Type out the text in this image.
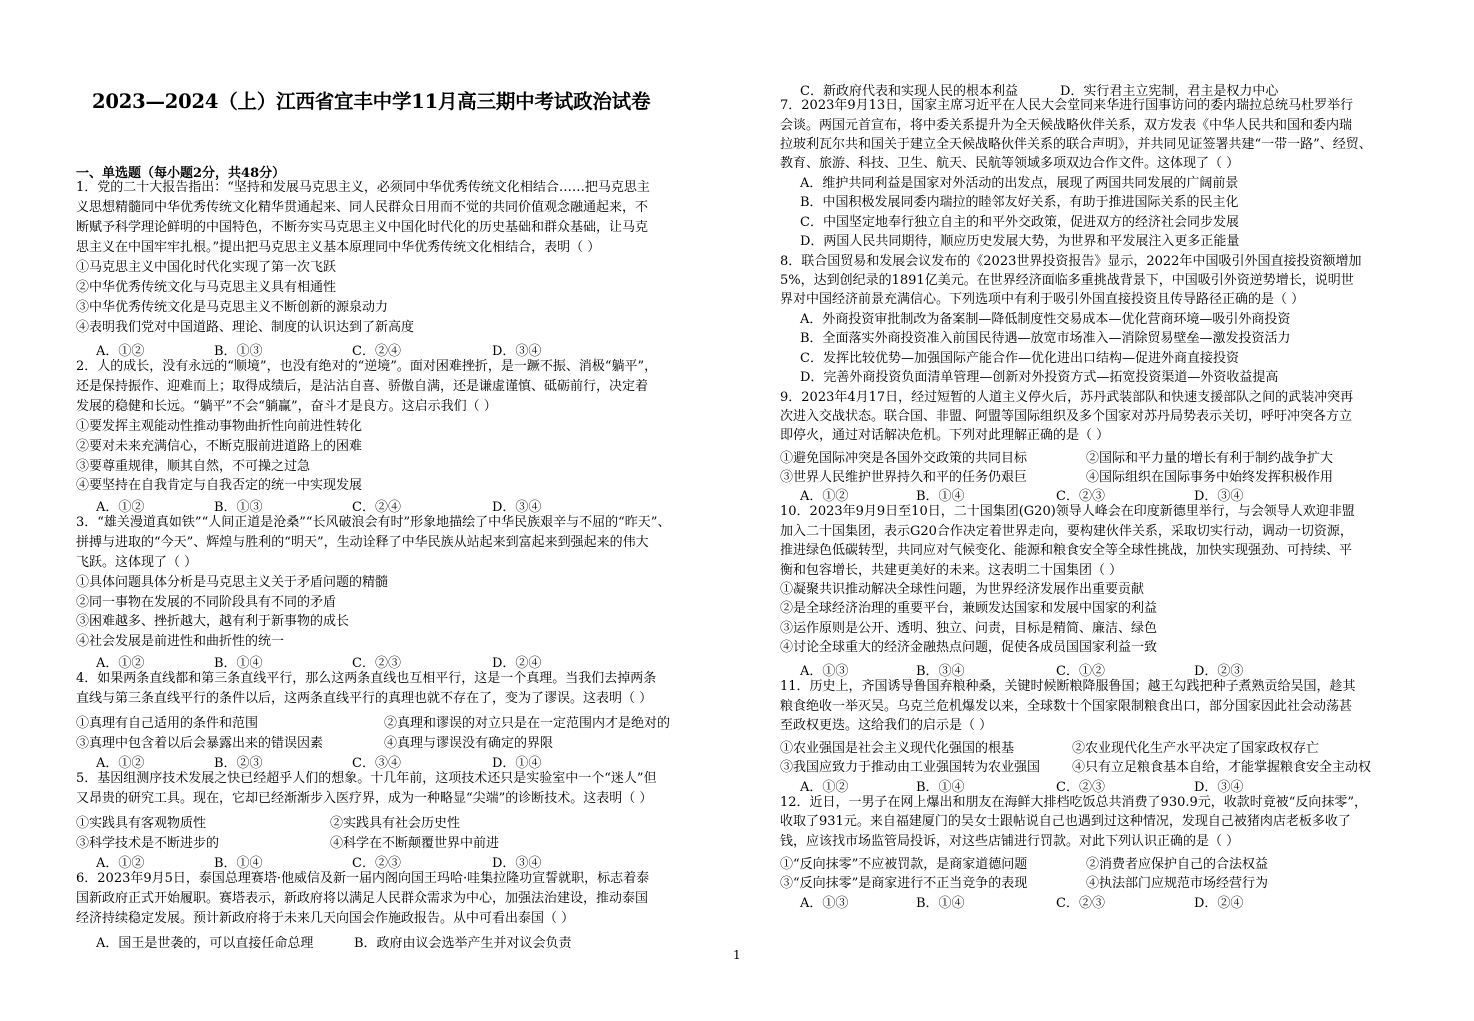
2023—2024（上）江西省宜丰中学11月高三期中考试政治试卷
一、单选题（每小题2分，共48分）
1
1．党的二十大报告指出：“坚持和发展马克思主义，必须同中华优秀传统文化相结合……把马克思主
义思想精髓同中华优秀传统文化精华贯通起来、同人民群众日用而不觉的共同价值观念融通起来，不
断赋予科学理论鲜明的中国特色，不断夯实马克思主义中国化时代化的历史基础和群众基础，让马克
思主义在中国牢牢扎根。”提出把马克思主义基本原理同中华优秀传统文化相结合，表明（ ）
①马克思主义中国化时代化实现了第一次飞跃
②中华优秀传统文化与马克思主义具有相通性
③中华优秀传统文化是马克思主义不断创新的源泉动力
④表明我们党对中国道路、理论、制度的认识达到了新高度
A．①②	B．①③	C．②④	D．③④
2．人的成长，没有永远的“顺境”，也没有绝对的“逆境”。面对困难挫折，是一蹶不振、消极“躺平”，
还是保持振作、迎难而上；取得成绩后，是沾沾自喜、骄傲自满，还是谦虚谨慎、砥砺前行，决定着
发展的稳健和长远。“躺平”不会“躺赢”，奋斗才是良方。这启示我们（ ）
①要发挥主观能动性推动事物曲折性向前进性转化
②要对未来充满信心，不断克服前进道路上的困难
③要尊重规律，顺其自然，不可操之过急
④要坚持在自我肯定与自我否定的统一中实现发展
A．①②	B．①③	C．②④	D．③④
3．“雄关漫道真如铁”“人间正道是沧桑”“长风破浪会有时”形象地描绘了中华民族艰辛与不屈的“昨天”、
拼搏与进取的“今天”、辉煌与胜利的“明天”，生动诠释了中华民族从站起来到富起来到强起来的伟大
飞跃。这体现了（ ）
①具体问题具体分析是马克思主义关于矛盾问题的精髓
②同一事物在发展的不同阶段具有不同的矛盾
③困难越多、挫折越大，越有利于新事物的成长
④社会发展是前进性和曲折性的统一
A．①②	B．①④	C．②③	D．②④
4．如果两条直线都和第三条直线平行，那么这两条直线也互相平行，这是一个真理。当我们去掉两条
直线与第三条直线平行的条件以后，这两条直线平行的真理也就不存在了，变为了谬误。这表明（ ）
①真理有自己适用的条件和范围	②真理和谬误的对立只是在一定范围内才是绝对的
③真理中包含着以后会暴露出来的错误因素	④真理与谬误没有确定的界限
A．①②	B．②③	C．③④	D．①④
5．基因组测序技术发展之快已经超乎人们的想象。十几年前，这项技术还只是实验室中一个“迷人”但
又昂贵的研究工具。现在，它却已经渐渐步入医疗界，成为一种略显“尖端”的诊断技术。这表明（ ）
①实践具有客观物质性	②实践具有社会历史性
③科学技术是不断进步的	④科学在不断颠覆世界中前进
A．①②	B．①④	C．②③	D．③④
6．2023年9月5日，泰国总理赛塔·他威信及新一届内阁向国王玛哈·哇集拉隆功宣誓就职，标志着泰
国新政府正式开始履职。赛塔表示，新政府将以满足人民群众需求为中心，加强法治建设，推动泰国
经济持续稳定发展。预计新政府将于未来几天向国会作施政报告。从中可看出泰国（ ）
A．国王是世袭的，可以直接任命总理	B．政府由议会选举产生并对议会负责
C．新政府代表和实现人民的根本利益	D．实行君主立宪制，君主是权力中心
7．2023年9月13日，国家主席习近平在人民大会堂同来华进行国事访问的委内瑞拉总统马杜罗举行
会谈。两国元首宣布，将中委关系提升为全天候战略伙伴关系，双方发表《中华人民共和国和委内瑞
拉玻利瓦尔共和国关于建立全天候战略伙伴关系的联合声明》，并共同见证签署共建“一带一路”、经贸、
教育、旅游、科技、卫生、航天、民航等领域多项双边合作文件。这体现了（ ）
A．维护共同利益是国家对外活动的出发点，展现了两国共同发展的广阔前景
B．中国积极发展同委内瑞拉的睦邻友好关系，有助于推进国际关系的民主化
C．中国坚定地奉行独立自主的和平外交政策，促进双方的经济社会同步发展
D．两国人民共同期待，顺应历史发展大势，为世界和平发展注入更多正能量
8．联合国贸易和发展会议发布的《2023世界投资报告》显示，2022年中国吸引外国直接投资额增加
5%，达到创纪录的1891亿美元。在世界经济面临多重挑战背景下，中国吸引外资逆势增长，说明世
界对中国经济前景充满信心。下列选项中有利于吸引外国直接投资且传导路径正确的是（ ）
A．外商投资审批制改为备案制—降低制度性交易成本—优化营商环境—吸引外商投资
B．全面落实外商投资准入前国民待遇—放宽市场准入—消除贸易壁垒—激发投资活力
C．发挥比较优势—加强国际产能合作—优化进出口结构—促进外商直接投资
D．完善外商投资负面清单管理—创新对外投资方式—拓宽投资渠道—外资收益提高
9．2023年4月17日，经过短暂的人道主义停火后，苏丹武装部队和快速支援部队之间的武装冲突再
次进入交战状态。联合国、非盟、阿盟等国际组织及多个国家对苏丹局势表示关切，呼吁冲突各方立
即停火，通过对话解决危机。下列对此理解正确的是（ ）
①避免国际冲突是各国外交政策的共同目标	②国际和平力量的增长有利于制约战争扩大
③世界人民维护世界持久和平的任务仍艰巨	④国际组织在国际事务中始终发挥积极作用
A．①②	B．①④	C．②③	D．③④
10．2023年9月9日至10日，二十国集团(G20)领导人峰会在印度新德里举行，与会领导人欢迎非盟
加入二十国集团，表示G20合作决定着世界走向，要构建伙伴关系，采取切实行动，调动一切资源，
推进绿色低碳转型，共同应对气候变化、能源和粮食安全等全球性挑战，加快实现强劲、可持续、平
衡和包容增长，共建更美好的未来。这表明二十国集团（ ）
①凝聚共识推动解决全球性问题，为世界经济发展作出重要贡献
②是全球经济治理的重要平台，兼顾发达国家和发展中国家的利益
③运作原则是公开、透明、独立、问责，目标是精简、廉洁、绿色
④讨论全球重大的经济金融热点问题，促使各成员国国家利益一致
A．①③	B．③④	C．①②	D．②③
11．历史上，齐国诱导鲁国弃粮种桑，关键时候断粮降服鲁国；越王勾践把种子煮熟贡给吴国，趁其
粮食绝收一举灭吴。乌克兰危机爆发以来，全球数十个国家限制粮食出口，部分国家因此社会动荡甚
至政权更迭。这给我们的启示是（ ）
①农业强国是社会主义现代化强国的根基	②农业现代化生产水平决定了国家政权存亡
③我国应致力于推动由工业强国转为农业强国 ④只有立足粮食基本自给，才能掌握粮食安全主动权
A．①②	B．①④	C．②③	D．③④
12．近日，一男子在网上爆出和朋友在海鲜大排档吃饭总共消费了930.9元，收款时竟被“反向抹零”，
收取了931元。来自福建厦门的吴女士跟帖说自己也遇到过这种情况，发现自己被猪肉店老板多收了
钱，应该找市场监管局投诉，对这些店铺进行罚款。对此下列认识正确的是（ ）
①“反向抹零”不应被罚款，是商家道德问题	②消费者应保护自己的合法权益
③“反向抹零”是商家进行不正当竞争的表现	④执法部门应规范市场经营行为
A．①③	B．①④	C．②③	D．②④
